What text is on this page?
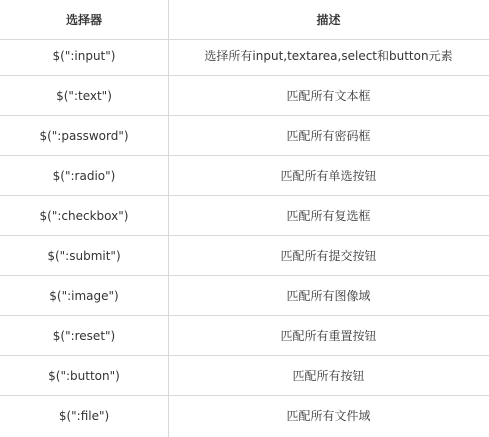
选择器	描述
$(":input")	选择所有input,textarea,select和button元素
$(":text")	匹配所有文本框
$(":password")	匹配所有密码框
$(":radio")	匹配所有单选按钮
$(":checkbox")	匹配所有复选框
$(":submit")	匹配所有提交按钮
$(":image")	匹配所有图像域
$(":reset")	匹配所有重置按钮
$(":button")	匹配所有按钮
$(":file")	匹配所有文件域
